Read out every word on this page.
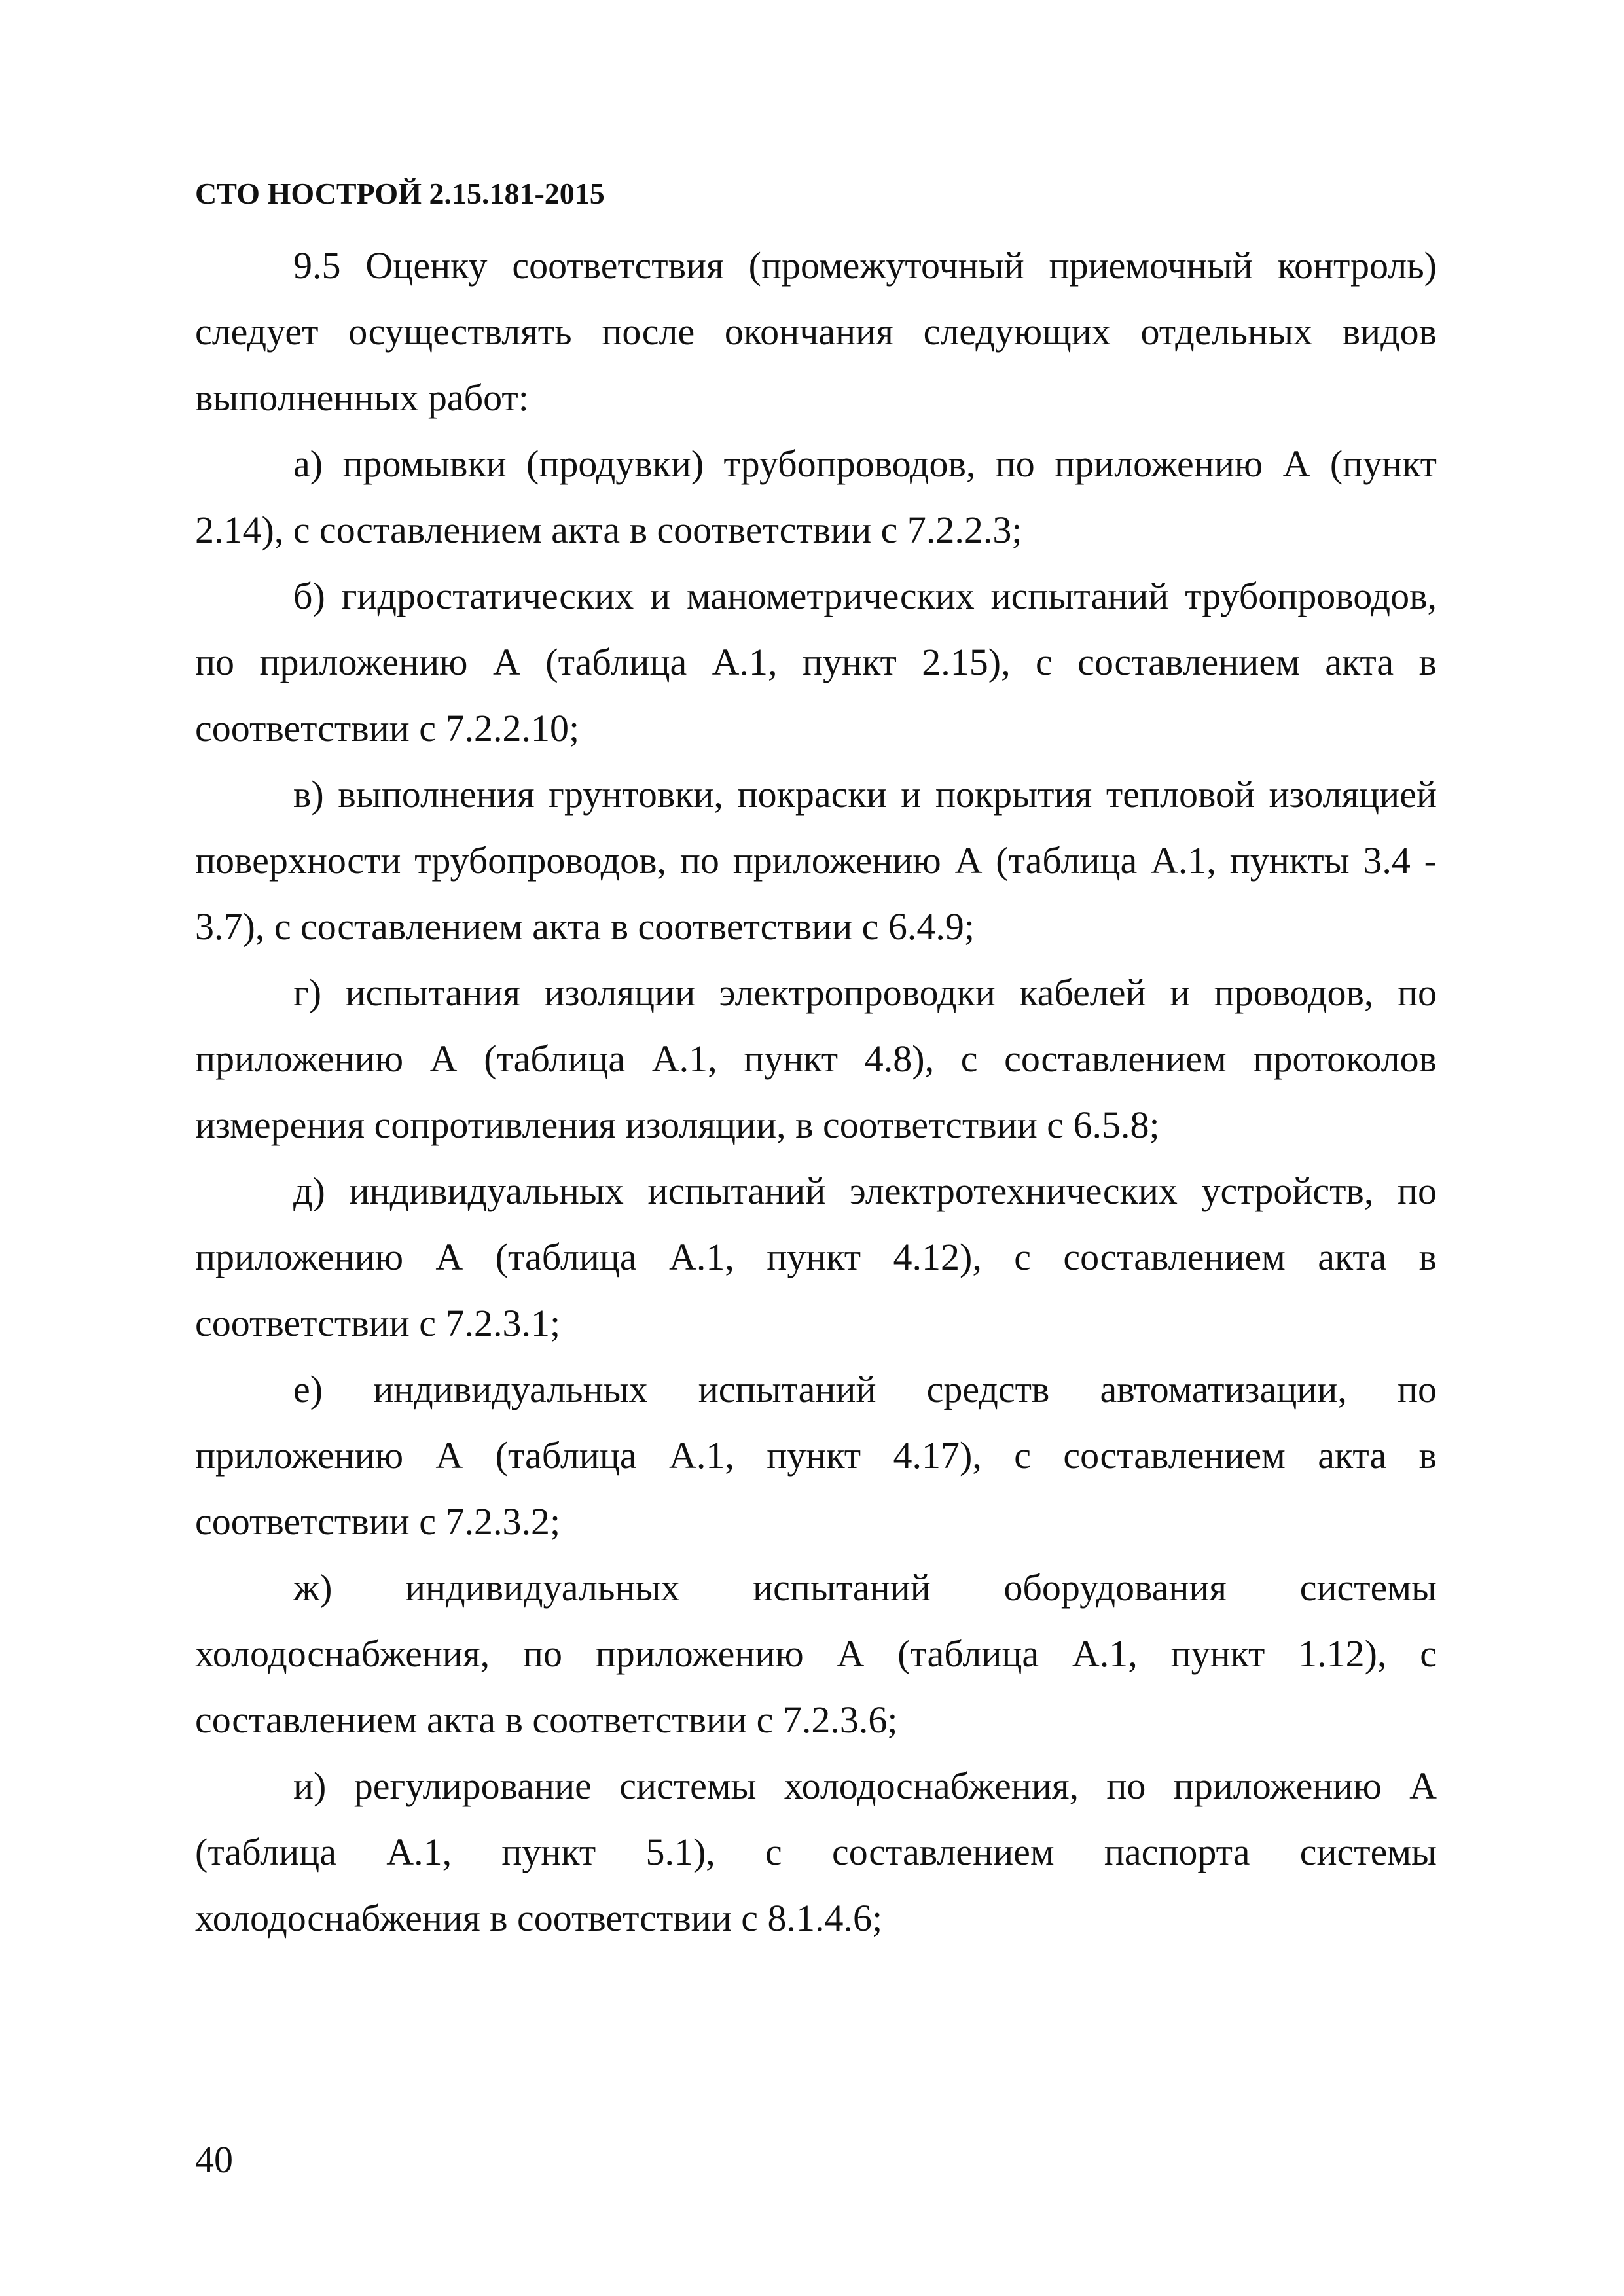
СТО НОСТРОЙ 2.15.181-2015

9.5 Оценку соответствия (промежуточный приемочный контроль) следует осуществлять после окончания следующих отдельных видов выполненных работ:

а) промывки (продувки) трубопроводов, по приложению А (пункт 2.14), с составлением акта в соответствии с 7.2.2.3;

б) гидростатических и манометрических испытаний трубопроводов, по приложению А (таблица А.1, пункт 2.15), с составлением акта в соответствии с 7.2.2.10;

в) выполнения грунтовки, покраски и покрытия тепловой изоляцией поверхности трубопроводов, по приложению А (таблица А.1, пункты 3.4 - 3.7), с составлением акта в соответствии с 6.4.9;

г) испытания изоляции электропроводки кабелей и проводов, по приложению А (таблица А.1, пункт 4.8), с составлением протоколов измерения сопротивления изоляции, в соответствии с 6.5.8;

д) индивидуальных испытаний электротехнических устройств, по приложению А (таблица А.1, пункт 4.12), с составлением акта в соответствии с 7.2.3.1;

е) индивидуальных испытаний средств автоматизации, по приложению А (таблица А.1, пункт 4.17), с составлением акта в соответствии с 7.2.3.2;

ж) индивидуальных испытаний оборудования системы холодоснабжения, по приложению А (таблица А.1, пункт 1.12), с составлением акта в соответствии с 7.2.3.6;

и) регулирование системы холодоснабжения, по приложению А (таблица А.1, пункт 5.1), с составлением паспорта системы холодоснабжения в соответствии с 8.1.4.6;

40
